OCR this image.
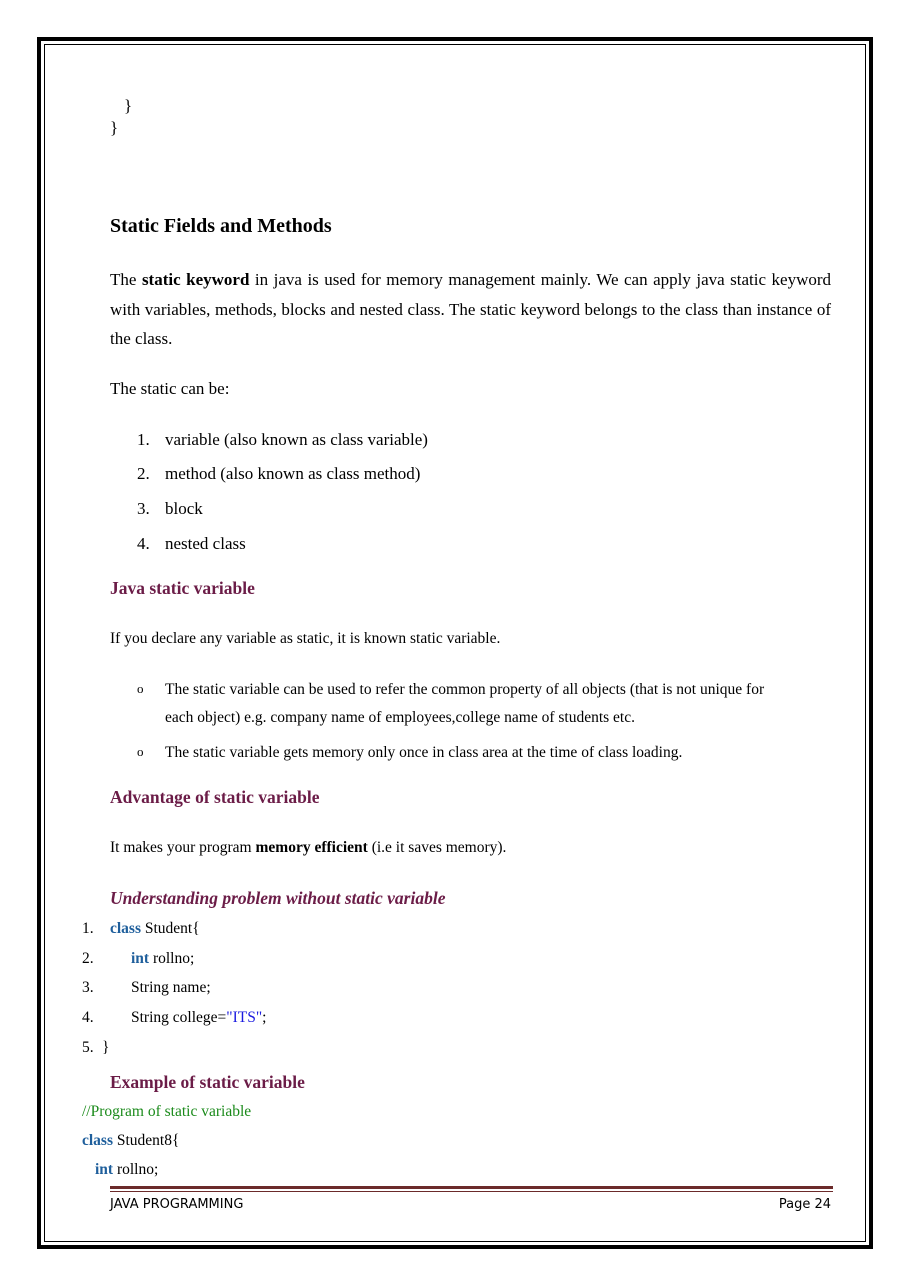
}
}
Static Fields and Methods
The static keyword in java is used for memory management mainly. We can apply java static keyword with variables, methods, blocks and nested class. The static keyword belongs to the class than instance of the class.
The static can be:
1. variable (also known as class variable)
2. method (also known as class method)
3. block
4. nested class
Java static variable
If you declare any variable as static, it is known static variable.
o The static variable can be used to refer the common property of all objects (that is not unique for
each object) e.g. company name of employees,college name of students etc.
o The static variable gets memory only once in class area at the time of class loading.
Advantage of static variable
It makes your program memory efficient (i.e it saves memory).
Understanding problem without static variable
1. class Student{
2. int rollno;
3. String name;
4. String college="ITS";
5. }
Example of static variable
//Program of static variable
class Student8{
int rollno;
JAVA PROGRAMMING	Page 24
